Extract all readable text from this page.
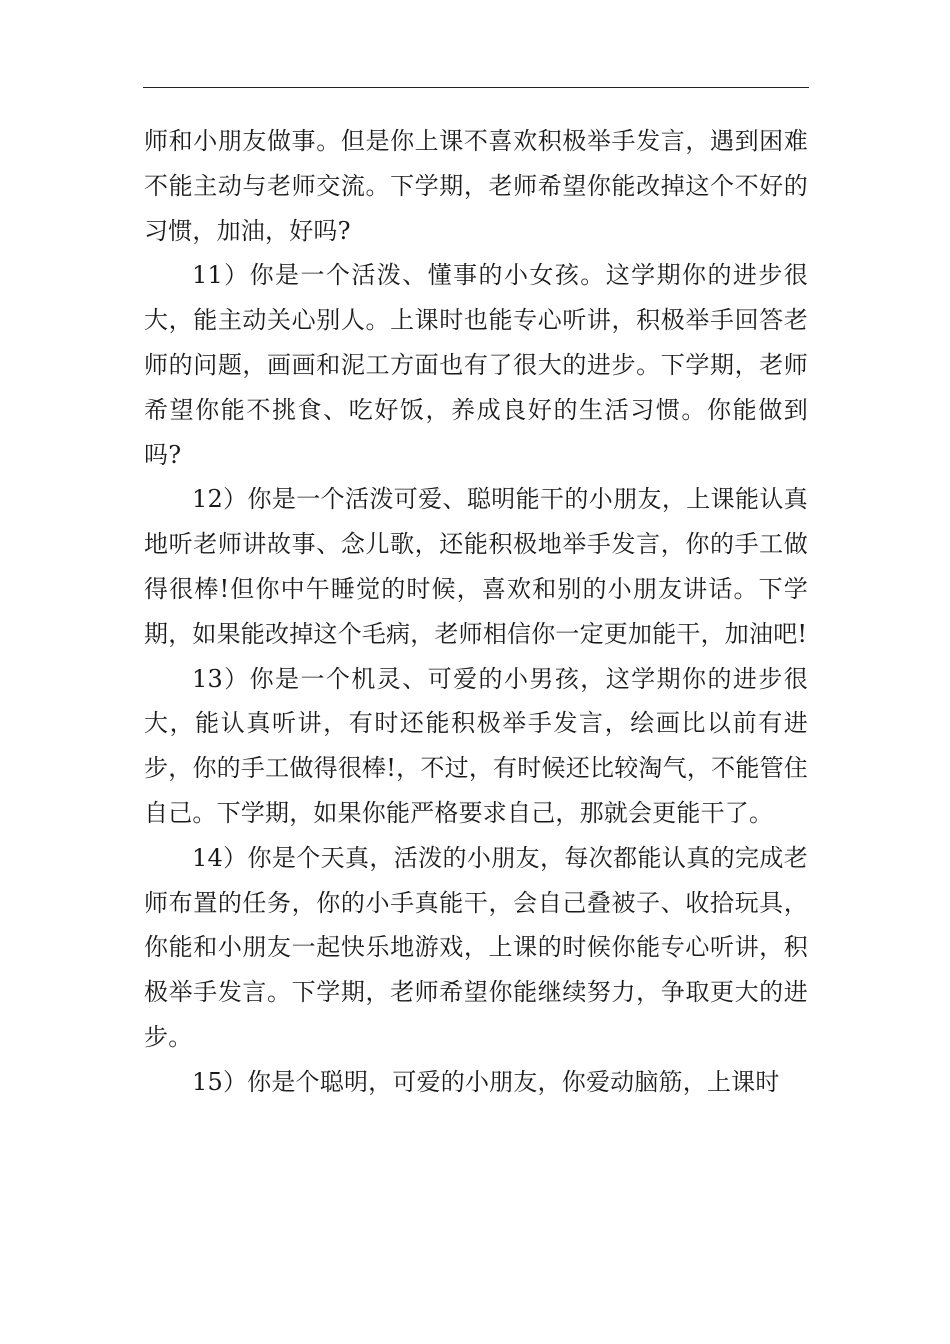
师和小朋友做事。但是你上课不喜欢积极举手发言，遇到困难不能主动与老师交流。下学期，老师希望你能改掉这个不好的习惯，加油，好吗?

11）你是一个活泼、懂事的小女孩。这学期你的进步很大，能主动关心别人。上课时也能专心听讲，积极举手回答老师的问题，画画和泥工方面也有了很大的进步。下学期，老师希望你能不挑食、吃好饭，养成良好的生活习惯。你能做到吗?

12）你是一个活泼可爱、聪明能干的小朋友，上课能认真地听老师讲故事、念儿歌，还能积极地举手发言，你的手工做得很棒!但你中午睡觉的时候，喜欢和别的小朋友讲话。下学期，如果能改掉这个毛病，老师相信你一定更加能干，加油吧!

13）你是一个机灵、可爱的小男孩，这学期你的进步很大，能认真听讲，有时还能积极举手发言，绘画比以前有进步，你的手工做得很棒!，不过，有时候还比较淘气，不能管住自己。下学期，如果你能严格要求自己，那就会更能干了。

14）你是个天真，活泼的小朋友，每次都能认真的完成老师布置的任务，你的小手真能干，会自己叠被子、收拾玩具，你能和小朋友一起快乐地游戏，上课的时候你能专心听讲，积极举手发言。下学期，老师希望你能继续努力，争取更大的进步。

15）你是个聪明，可爱的小朋友，你爱动脑筋，上课时
